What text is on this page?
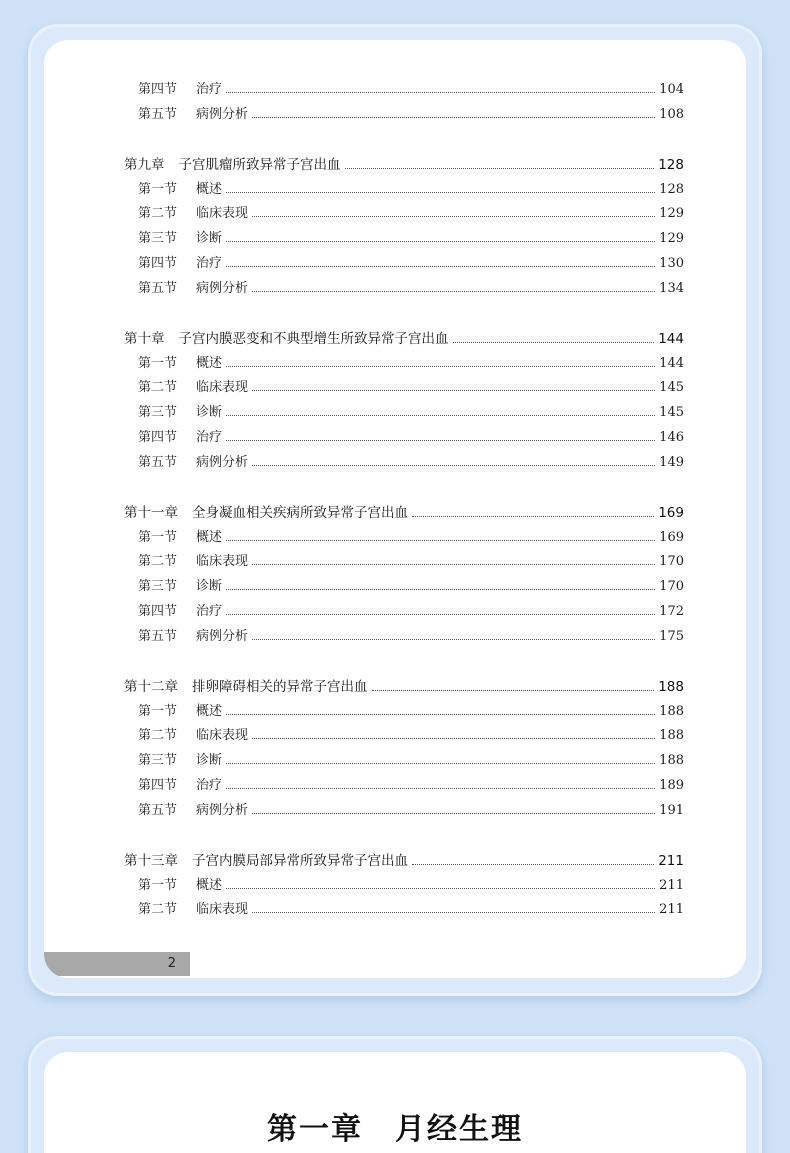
第四节	治疗	104
第五节	病例分析	108
第九章 子宫肌瘤所致异常子宫出血	128
第一节	概述	128
第二节	临床表现	129
第三节	诊断	129
第四节	治疗	130
第五节	病例分析	134
第十章 子宫内膜恶变和不典型增生所致异常子宫出血	144
第一节	概述	144
第二节	临床表现	145
第三节	诊断	145
第四节	治疗	146
第五节	病例分析	149
第十一章 全身凝血相关疾病所致异常子宫出血	169
第一节	概述	169
第二节	临床表现	170
第三节	诊断	170
第四节	治疗	172
第五节	病例分析	175
第十二章 排卵障碍相关的异常子宫出血	188
第一节	概述	188
第二节	临床表现	188
第三节	诊断	188
第四节	治疗	189
第五节	病例分析	191
第十三章 子宫内膜局部异常所致异常子宫出血	211
第一节	概述	211
第二节	临床表现	211
2
第一章　月经生理
